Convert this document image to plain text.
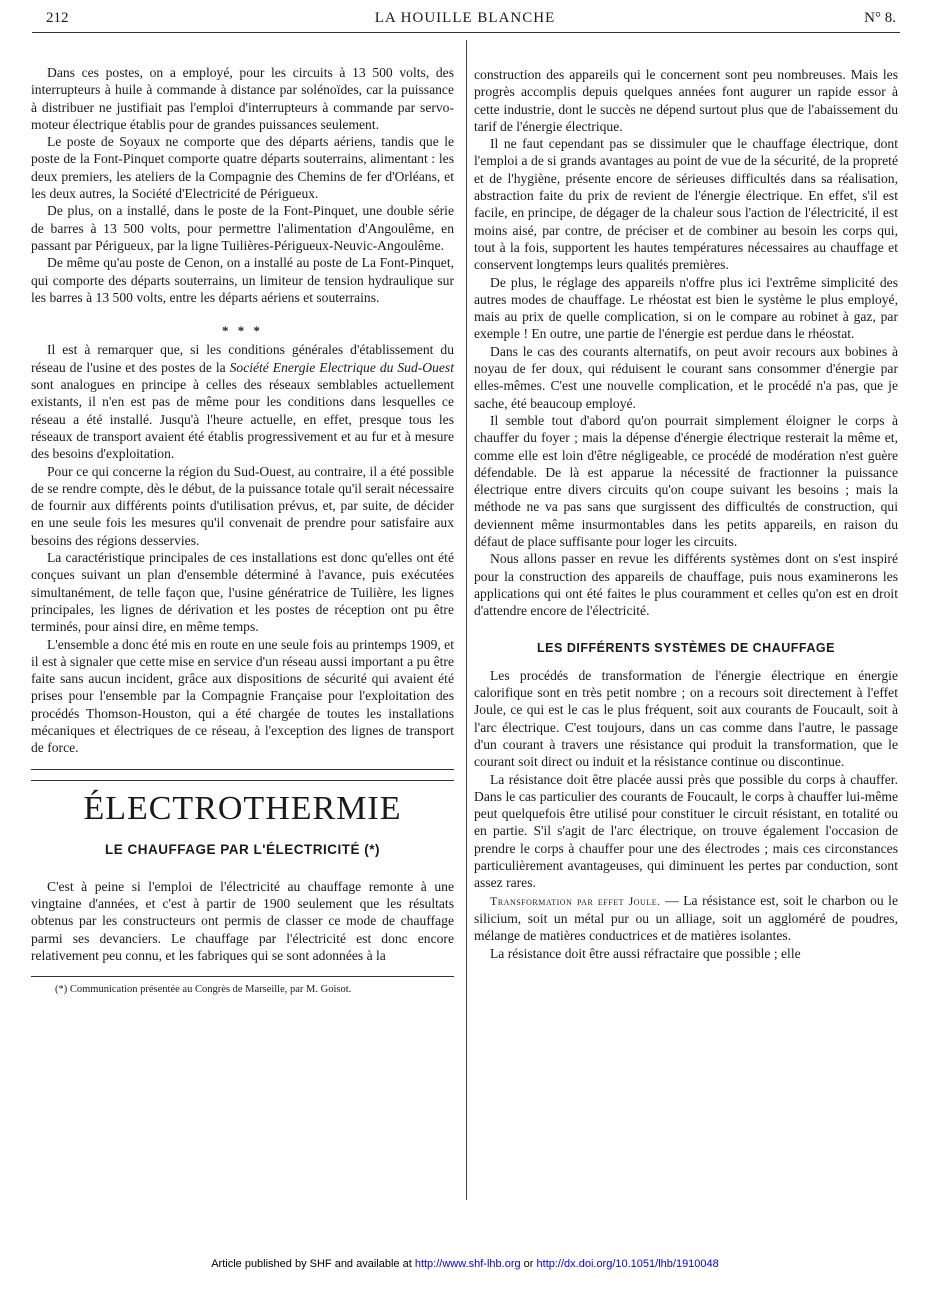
212	LA HOUILLE BLANCHE	N° 8.

Dans ces postes, on a employé, pour les circuits à 13 500 volts, des interrupteurs à huile à commande à distance par solénoïdes, car la puissance à distribuer ne justifiait pas l'emploi d'interrupteurs à commande par servo-moteur électrique établis pour de grandes puissances seulement.

Le poste de Soyaux ne comporte que des départs aériens, tandis que le poste de la Font-Pinquet comporte quatre départs souterrains, alimentant : les deux premiers, les ateliers de la Compagnie des Chemins de fer d'Orléans, et les deux autres, la Société d'Electricité de Périgueux.

De plus, on a installé, dans le poste de la Font-Pinquet, une double série de barres à 13 500 volts, pour permettre l'alimentation d'Angoulême, en passant par Périgueux, par la ligne Tuilières-Périgueux-Neuvic-Angoulême.

De même qu'au poste de Cenon, on a installé au poste de La Font-Pinquet, qui comporte des départs souterrains, un limiteur de tension hydraulique sur les barres à 13 500 volts, entre les départs aériens et souterrains.

* * *

Il est à remarquer que, si les conditions générales d'établissement du réseau de l'usine et des postes de la Société Energie Electrique du Sud-Ouest sont analogues en principe à celles des réseaux semblables actuellement existants, il n'en est pas de même pour les conditions dans lesquelles ce réseau a été installé. Jusqu'à l'heure actuelle, en effet, presque tous les réseaux de transport avaient été établis progressivement et au fur et à mesure des besoins d'exploitation.

Pour ce qui concerne la région du Sud-Ouest, au contraire, il a été possible de se rendre compte, dès le début, de la puissance totale qu'il serait nécessaire de fournir aux différents points d'utilisation prévus, et, par suite, de décider en une seule fois les mesures qu'il convenait de prendre pour satisfaire aux besoins des régions desservies.

La caractéristique principales de ces installations est donc qu'elles ont été conçues suivant un plan d'ensemble déterminé à l'avance, puis exécutées simultanément, de telle façon que, l'usine génératrice de Tuilière, les lignes principales, les lignes de dérivation et les postes de réception ont pu être terminés, pour ainsi dire, en même temps.

L'ensemble a donc été mis en route en une seule fois au printemps 1909, et il est à signaler que cette mise en service d'un réseau aussi important a pu être faite sans aucun incident, grâce aux dispositions de sécurité qui avaient été prises pour l'ensemble par la Compagnie Française pour l'exploitation des procédés Thomson-Houston, qui a été chargée de toutes les installations mécaniques et électriques de ce réseau, à l'exception des lignes de transport de force.

ÉLECTROTHERMIE
LE CHAUFFAGE PAR L'ÉLECTRICITÉ (*)

C'est à peine si l'emploi de l'électricité au chauffage remonte à une vingtaine d'années, et c'est à partir de 1900 seulement que les résultats obtenus par les constructeurs ont permis de classer ce mode de chauffage parmi ses devanciers. Le chauffage par l'électricité est donc encore relativement peu connu, et les fabriques qui se sont adonnées à la

(*) Communication présentée au Congrès de Marseille, par M. Goisot.

construction des appareils qui le concernent sont peu nombreuses. Mais les progrès accomplis depuis quelques années font augurer un rapide essor à cette industrie, dont le succès ne dépend surtout plus que de l'abaissement du tarif de l'énergie électrique.

Il ne faut cependant pas se dissimuler que le chauffage électrique, dont l'emploi a de si grands avantages au point de vue de la sécurité, de la propreté et de l'hygiène, présente encore de sérieuses difficultés dans sa réalisation, abstraction faite du prix de revient de l'énergie électrique. En effet, s'il est facile, en principe, de dégager de la chaleur sous l'action de l'électricité, il est moins aisé, par contre, de préciser et de combiner au besoin les corps qui, tout à la fois, supportent les hautes températures nécessaires au chauffage et conservent longtemps leurs qualités premières.

De plus, le réglage des appareils n'offre plus ici l'extrême simplicité des autres modes de chauffage. Le rhéostat est bien le système le plus employé, mais au prix de quelle complication, si on le compare au robinet à gaz, par exemple ! En outre, une partie de l'énergie est perdue dans le rhéostat.

Dans le cas des courants alternatifs, on peut avoir recours aux bobines à noyau de fer doux, qui réduisent le courant sans consommer d'énergie par elles-mêmes. C'est une nouvelle complication, et le procédé n'a pas, que je sache, été beaucoup employé.

Il semble tout d'abord qu'on pourrait simplement éloigner le corps à chauffer du foyer ; mais la dépense d'énergie électrique resterait la même et, comme elle est loin d'être négligeable, ce procédé de modération n'est guère défendable. De là est apparue la nécessité de fractionner la puissance électrique entre divers circuits qu'on coupe suivant les besoins ; mais la méthode ne va pas sans que surgissent des difficultés de construction, qui deviennent même insurmontables dans les petits appareils, en raison du défaut de place suffisante pour loger les circuits.

Nous allons passer en revue les différents systèmes dont on s'est inspiré pour la construction des appareils de chauffage, puis nous examinerons les applications qui ont été faites le plus couramment et celles qu'on est en droit d'attendre encore de l'électricité.

LES DIFFÉRENTS SYSTÈMES DE CHAUFFAGE

Les procédés de transformation de l'énergie électrique en énergie calorifique sont en très petit nombre ; on a recours soit directement à l'effet Joule, ce qui est le cas le plus fréquent, soit aux courants de Foucault, soit à l'arc électrique. C'est toujours, dans un cas comme dans l'autre, le passage d'un courant à travers une résistance qui produit la transformation, que le courant soit direct ou induit et la résistance continue ou discontinue.

La résistance doit être placée aussi près que possible du corps à chauffer. Dans le cas particulier des courants de Foucault, le corps à chauffer lui-même peut quelquefois être utilisé pour constituer le circuit résistant, en totalité ou en partie. S'il s'agit de l'arc électrique, on trouve également l'occasion de prendre le corps à chauffer pour une des électrodes ; mais ces circonstances particulièrement avantageuses, qui diminuent les pertes par conduction, sont assez rares.

Transformation par effet Joule. — La résistance est, soit le charbon ou le silicium, soit un métal pur ou un alliage, soit un aggloméré de poudres, mélange de matières conductrices et de matières isolantes.

La résistance doit être aussi réfractaire que possible ; elle

Article published by SHF and available at http://www.shf-lhb.org or http://dx.doi.org/10.1051/lhb/1910048
